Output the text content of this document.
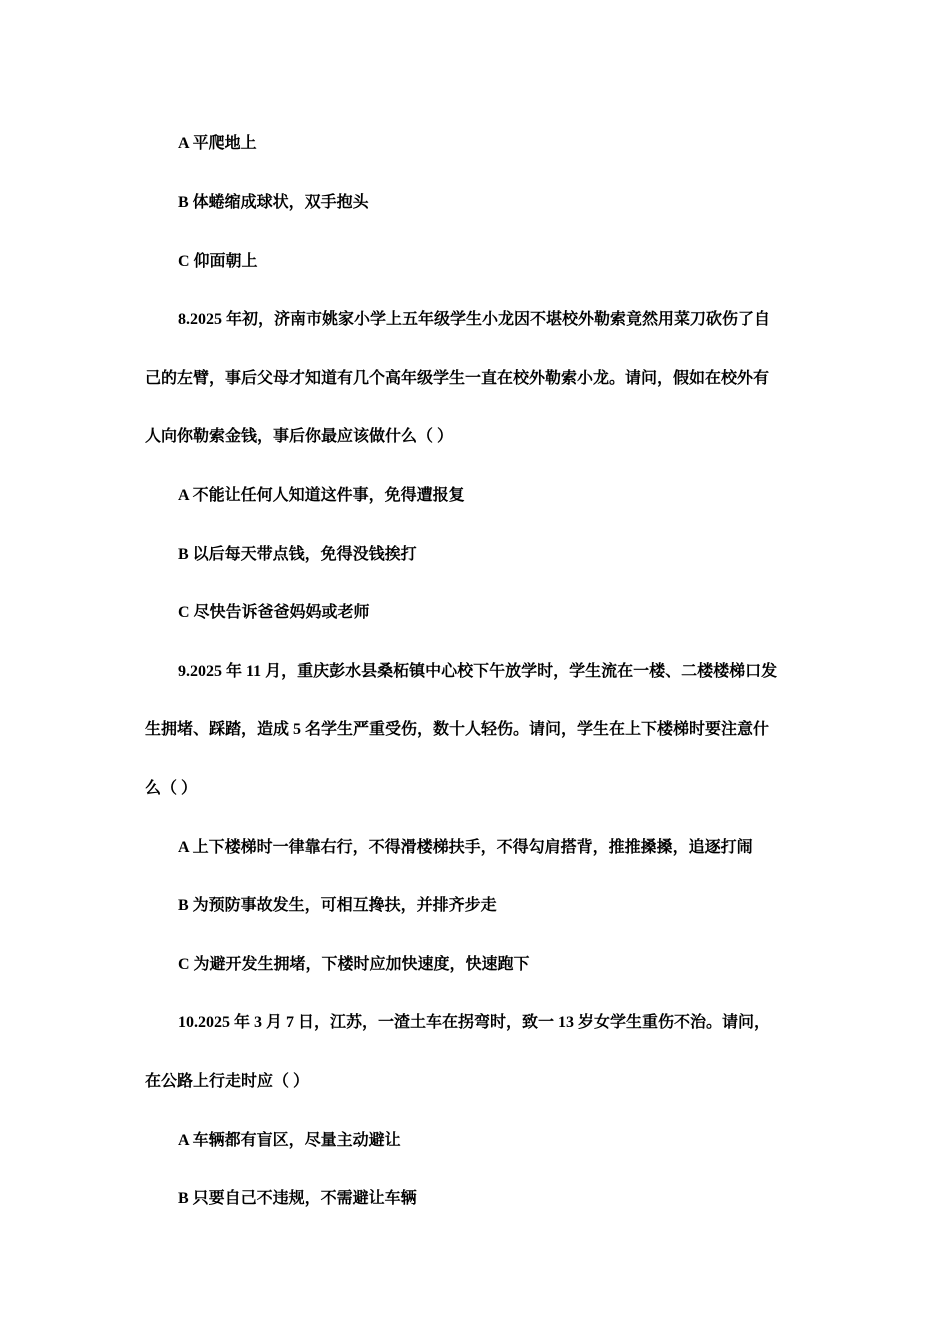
A 平爬地上
B 体蜷缩成球状，双手抱头
C 仰面朝上
8.2025 年初，济南市姚家小学上五年级学生小龙因不堪校外勒索竟然用菜刀砍伤了自
己的左臂，事后父母才知道有几个高年级学生一直在校外勒索小龙。请问，假如在校外有
人向你勒索金钱，事后你最应该做什么（ ）
A 不能让任何人知道这件事，免得遭报复
B 以后每天带点钱，免得没钱挨打
C 尽快告诉爸爸妈妈或老师
9.2025 年 11 月，重庆彭水县桑柘镇中心校下午放学时，学生流在一楼、二楼楼梯口发
生拥堵、踩踏，造成 5 名学生严重受伤，数十人轻伤。请问，学生在上下楼梯时要注意什
么（ ）
A 上下楼梯时一律靠右行，不得滑楼梯扶手，不得勾肩搭背，推推搡搡，追逐打闹
B 为预防事故发生，可相互搀扶，并排齐步走
C 为避开发生拥堵，下楼时应加快速度，快速跑下
10.2025 年 3 月 7 日，江苏，一渣土车在拐弯时，致一 13 岁女学生重伤不治。请问，
在公路上行走时应（ ）
A 车辆都有盲区，尽量主动避让
B 只要自己不违规，不需避让车辆
